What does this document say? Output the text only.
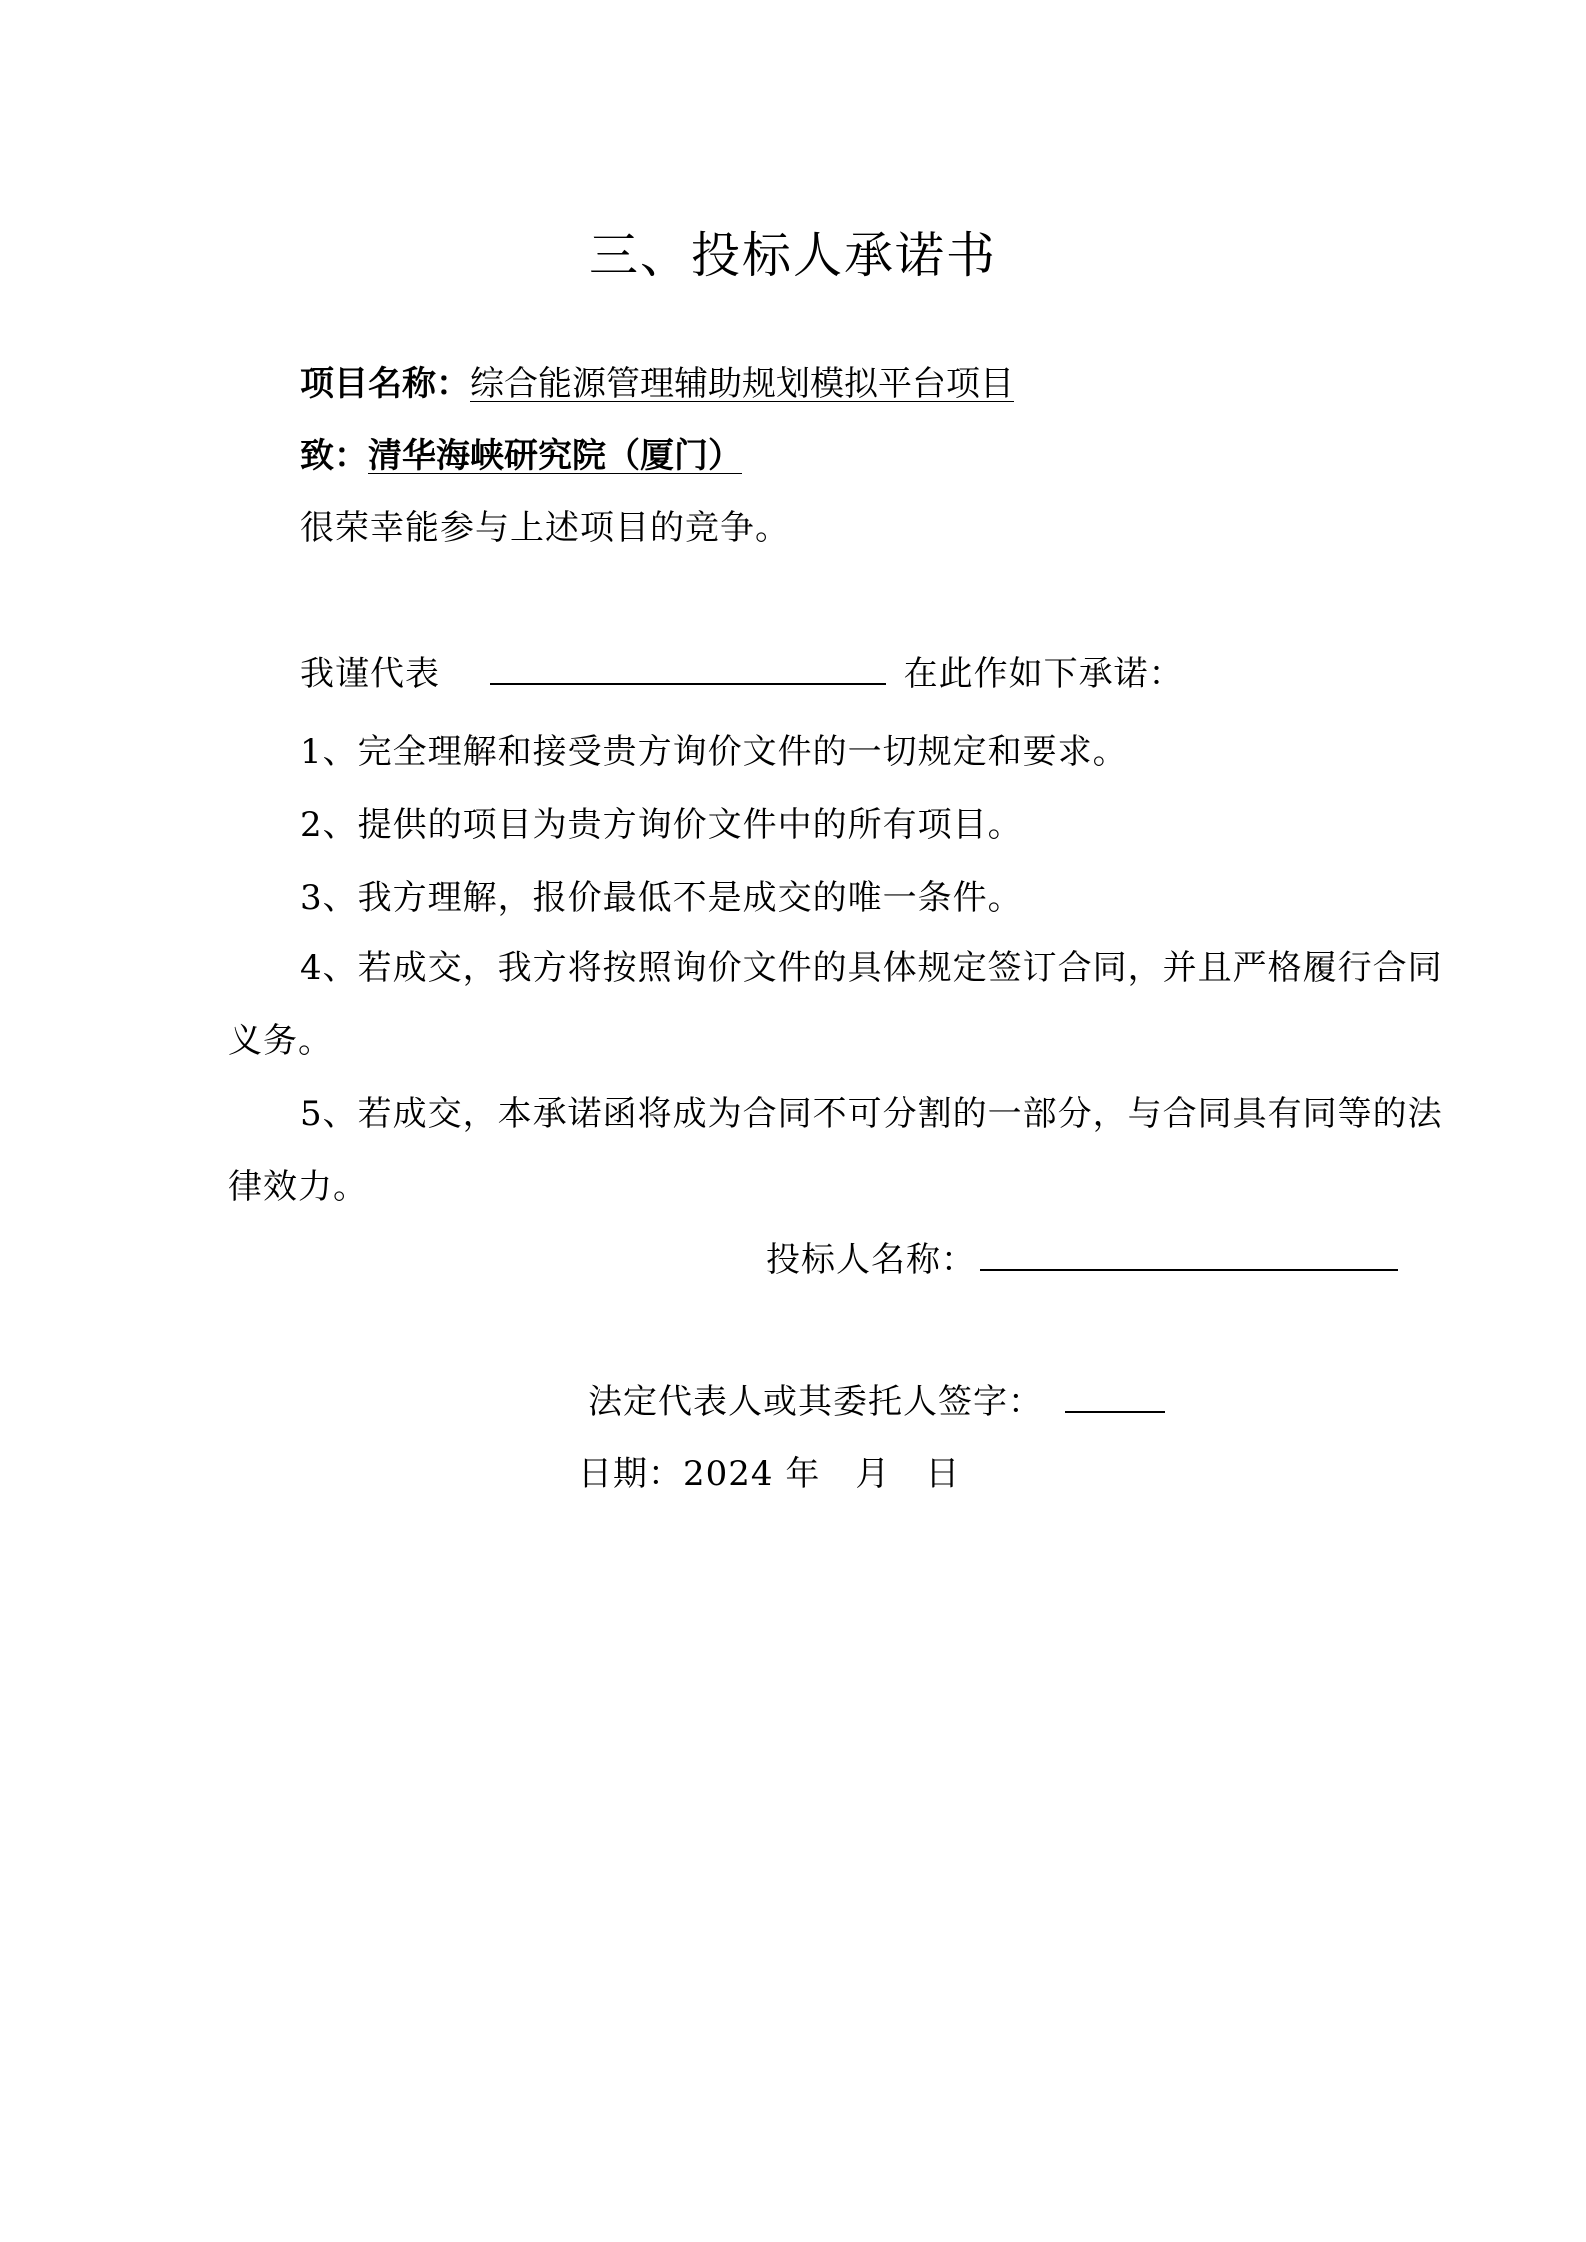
三、投标人承诺书
项目名称：综合能源管理辅助规划模拟平台项目
致：清华海峡研究院（厦门）
很荣幸能参与上述项目的竞争。
我谨代表	在此作如下承诺：
1、完全理解和接受贵方询价文件的一切规定和要求。
2、提供的项目为贵方询价文件中的所有项目。
3、我方理解，报价最低不是成交的唯一条件。
4、若成交，我方将按照询价文件的具体规定签订合同，并且严格履行合同义务。
5、若成交，本承诺函将成为合同不可分割的一部分，与合同具有同等的法律效力。
投标人名称：
法定代表人或其委托人签字：
日期：2024 年　月　日
